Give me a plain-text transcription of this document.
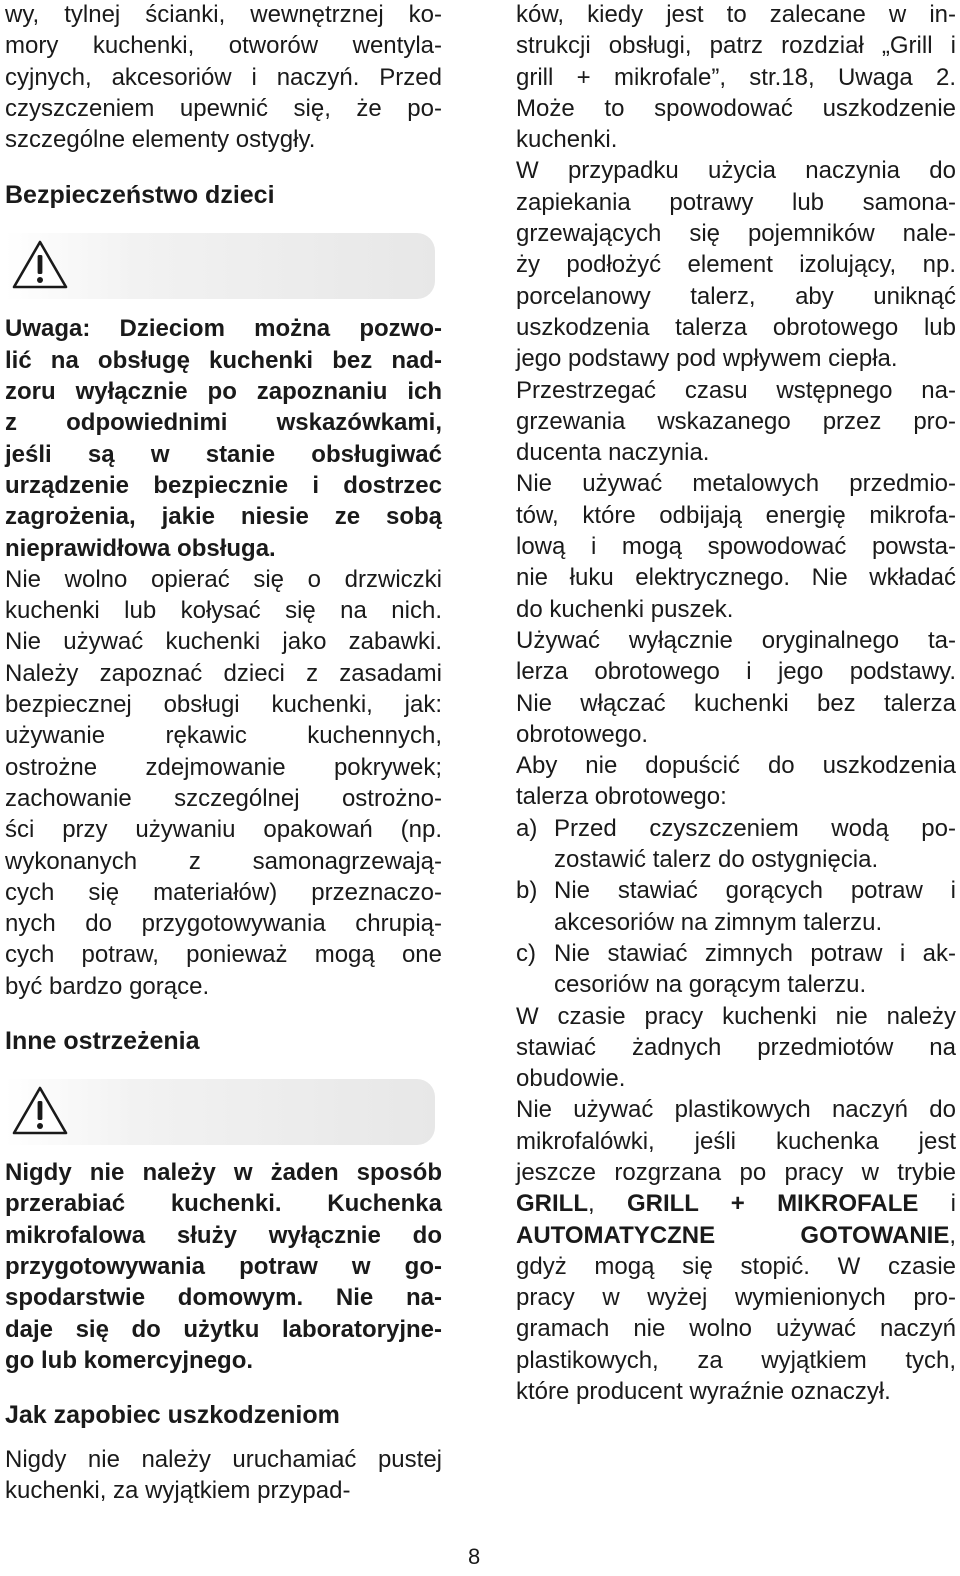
wy, tylnej ścianki, wewnętrznej ko-
mory kuchenki, otworów wentyla-
cyjnych, akcesoriów i naczyń. Przed
czyszczeniem upewnić się, że po-
szczególne elementy ostygły.
Bezpieczeństwo dzieci
Uwaga: Dzieciom można pozwo-
lić na obsługę kuchenki bez nad-
zoru wyłącznie po zapoznaniu ich
z odpowiednimi wskazówkami,
jeśli są w stanie obsługiwać
urządzenie bezpiecznie i dostrzec
zagrożenia, jakie niesie ze sobą
nieprawidłowa obsługa.
Nie wolno opierać się o drzwiczki
kuchenki lub kołysać się na nich.
Nie używać kuchenki jako zabawki.
Należy zapoznać dzieci z zasadami
bezpiecznej obsługi kuchenki, jak:
używanie rękawic kuchennych,
ostrożne zdejmowanie pokrywek;
zachowanie szczególnej ostrożno-
ści przy używaniu opakowań (np.
wykonanych z samonagrzewają-
cych się materiałów) przeznaczo-
nych do przygotowywania chrupią-
cych potraw, ponieważ mogą one
być bardzo gorące.
Inne ostrzeżenia
Nigdy nie należy w żaden sposób
przerabiać kuchenki. Kuchenka
mikrofalowa służy wyłącznie do
przygotowywania potraw w go-
spodarstwie domowym. Nie na-
daje się do użytku laboratoryjne-
go lub komercyjnego.
Jak zapobiec uszkodzeniom
Nigdy nie należy uruchamiać pustej
kuchenki, za wyjątkiem przypad-
ków, kiedy jest to zalecane w in-
strukcji obsługi, patrz rozdział „Grill i
grill + mikrofale”, str.18, Uwaga 2.
Może to spowodować uszkodzenie
kuchenki.
W przypadku użycia naczynia do
zapiekania potrawy lub samona-
grzewających się pojemników nale-
ży podłożyć element izolujący, np.
porcelanowy talerz, aby uniknąć
uszkodzenia talerza obrotowego lub
jego podstawy pod wpływem ciepła.
Przestrzegać czasu wstępnego na-
grzewania wskazanego przez pro-
ducenta naczynia.
Nie używać metalowych przedmio-
tów, które odbijają energię mikrofa-
lową i mogą spowodować powsta-
nie łuku elektrycznego. Nie wkładać
do kuchenki puszek.
Używać wyłącznie oryginalnego ta-
lerza obrotowego i jego podstawy.
Nie włączać kuchenki bez talerza
obrotowego.
Aby nie dopuścić do uszkodzenia
talerza obrotowego:
a) Przed czyszczeniem wodą po-
zostawić talerz do ostygnięcia.
b) Nie stawiać gorących potraw i
akcesoriów na zimnym talerzu.
c) Nie stawiać zimnych potraw i ak-
cesoriów na gorącym talerzu.
W czasie pracy kuchenki nie należy
stawiać żadnych przedmiotów na
obudowie.
Nie używać plastikowych naczyń do
mikrofalówki, jeśli kuchenka jest
jeszcze rozgrzana po pracy w trybie
GRILL, GRILL + MIKROFALE i
AUTOMATYCZNE GOTOWANIE,
gdyż mogą się stopić. W czasie
pracy w wyżej wymienionych pro-
gramach nie wolno używać naczyń
plastikowych, za wyjątkiem tych,
które producent wyraźnie oznaczył.
8
